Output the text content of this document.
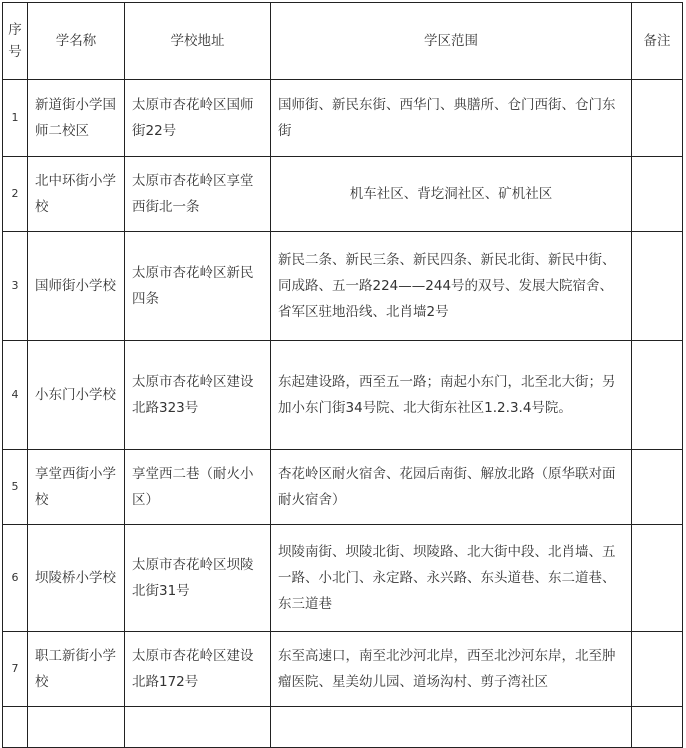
序号	学名称	学校地址	学区范围	备注
1	新道街小学国师二校区	太原市杏花岭区国师街22号	国师街、新民东街、西华门、典膳所、仓门西街、仓门东街	
2	北中环街小学校	太原市杏花岭区享堂西街北一条	机车社区、背圪洞社区、矿机社区	
3	国师街小学校	太原市杏花岭区新民四条	新民二条、新民三条、新民四条、新民北街、新民中街、同成路、五一路224——244号的双号、发展大院宿舍、省军区驻地沿线、北肖墙2号	
4	小东门小学校	太原市杏花岭区建设北路323号	东起建设路，西至五一路；南起小东门，北至北大街；另加小东门街34号院、北大街东社区1.2.3.4号院。	
5	享堂西街小学校	享堂西二巷（耐火小区）	杏花岭区耐火宿舍、花园后南街、解放北路（原华联对面耐火宿舍）	
6	坝陵桥小学校	太原市杏花岭区坝陵北街31号	坝陵南街、坝陵北街、坝陵路、北大街中段、北肖墙、五一路、小北门、永定路、永兴路、东头道巷、东二道巷、东三道巷	
7	职工新街小学校	太原市杏花岭区建设北路172号	东至高速口，南至北沙河北岸，西至北沙河东岸，北至肿瘤医院、星美幼儿园、道场沟村、剪子湾社区	
